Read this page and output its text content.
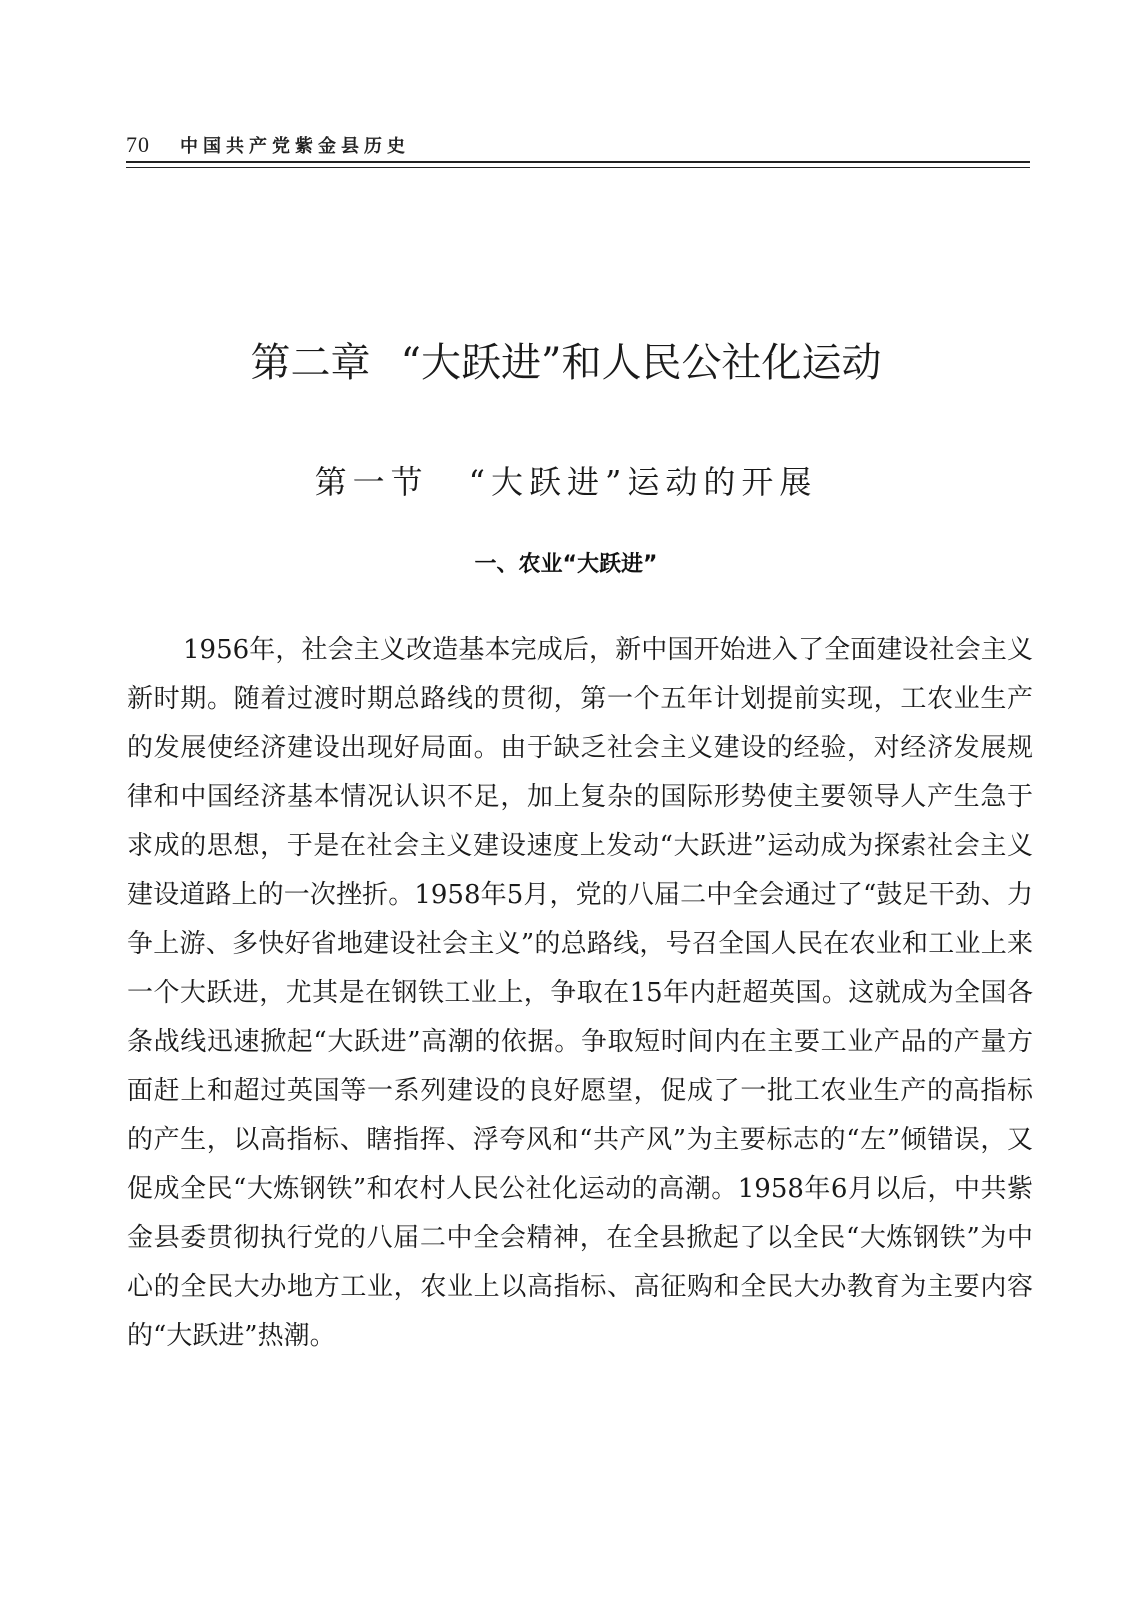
70 中国共产党紫金县历史
第二章 “大跃进”和人民公社化运动
第一节 “大跃进”运动的开展
一、农业“大跃进”

1956年，社会主义改造基本完成后，新中国开始进入了全面建设社会主义新时期。随着过渡时期总路线的贯彻，第一个五年计划提前实现，工农业生产的发展使经济建设出现好局面。由于缺乏社会主义建设的经验，对经济发展规律和中国经济基本情况认识不足，加上复杂的国际形势使主要领导人产生急于求成的思想，于是在社会主义建设速度上发动“大跃进”运动成为探索社会主义建设道路上的一次挫折。1958年5月，党的八届二中全会通过了“鼓足干劲、力争上游、多快好省地建设社会主义”的总路线，号召全国人民在农业和工业上来一个大跃进，尤其是在钢铁工业上，争取在15年内赶超英国。这就成为全国各条战线迅速掀起“大跃进”高潮的依据。争取短时间内在主要工业产品的产量方面赶上和超过英国等一系列建设的良好愿望，促成了一批工农业生产的高指标的产生，以高指标、瞎指挥、浮夸风和“共产风”为主要标志的“左”倾错误，又促成全民“大炼钢铁”和农村人民公社化运动的高潮。1958年6月以后，中共紫金县委贯彻执行党的八届二中全会精神，在全县掀起了以全民“大炼钢铁”为中心的全民大办地方工业，农业上以高指标、高征购和全民大办教育为主要内容的“大跃进”热潮。
